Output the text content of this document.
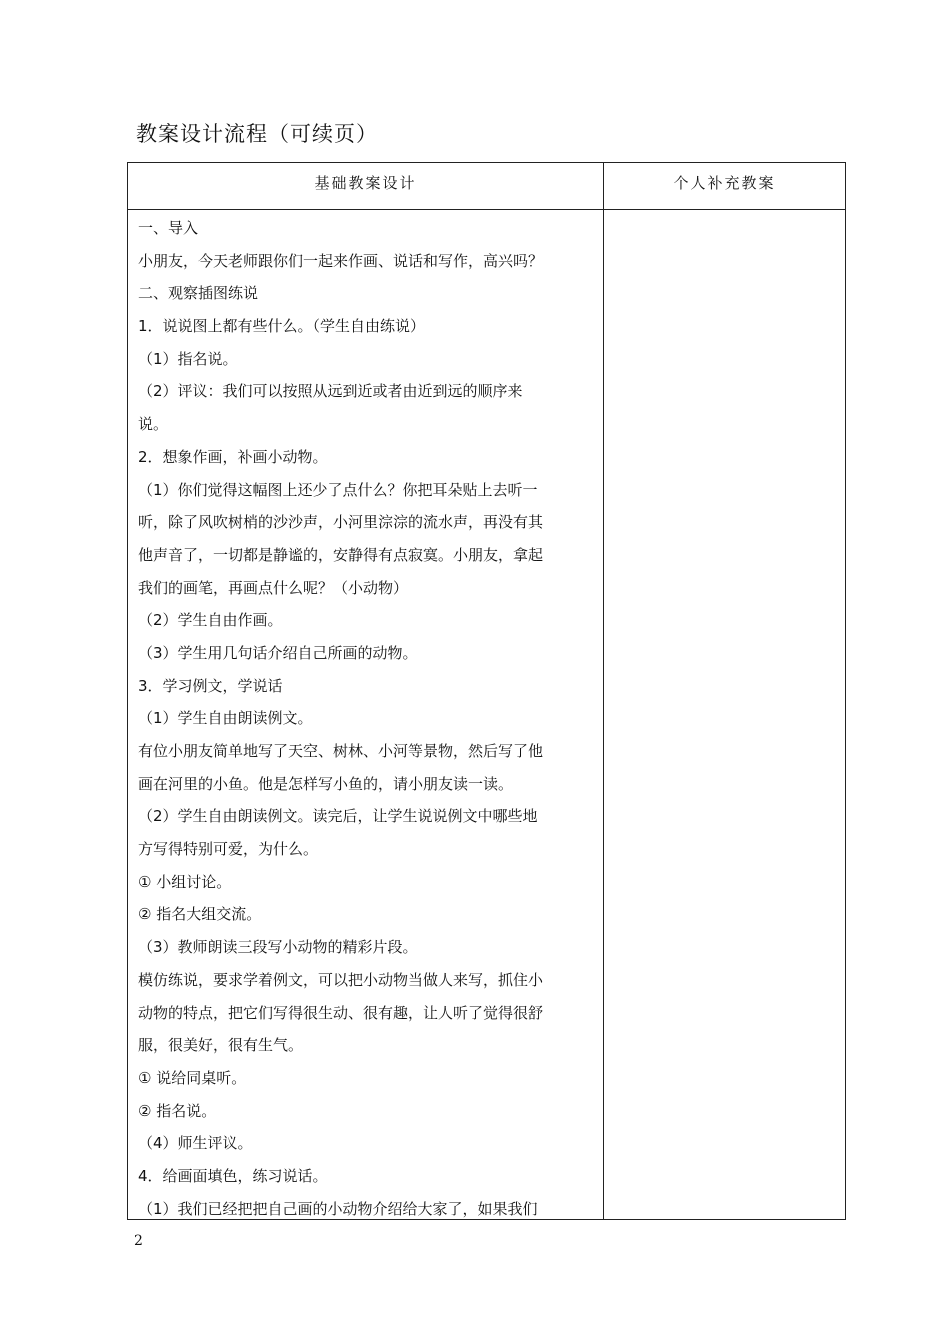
教案设计流程（可续页）
基础教案设计	个人补充教案

一、导入

小朋友，今天老师跟你们一起来作画、说话和写作，高兴吗？

二、观察插图练说

1．说说图上都有些什么。（学生自由练说）

（1）指名说。

（2）评议：我们可以按照从远到近或者由近到远的顺序来

说。

2．想象作画，补画小动物。

（1）你们觉得这幅图上还少了点什么？你把耳朵贴上去听一

听，除了风吹树梢的沙沙声，小河里淙淙的流水声，再没有其

他声音了，一切都是静谧的，安静得有点寂寞。小朋友，拿起

我们的画笔，再画点什么呢？（小动物）

（2）学生自由作画。

（3）学生用几句话介绍自己所画的动物。

3．学习例文，学说话

（1）学生自由朗读例文。

有位小朋友简单地写了天空、树林、小河等景物，然后写了他

画在河里的小鱼。他是怎样写小鱼的，请小朋友读一读。

（2）学生自由朗读例文。读完后，让学生说说例文中哪些地

方写得特别可爱，为什么。

① 小组讨论。

② 指名大组交流。

（3）教师朗读三段写小动物的精彩片段。

模仿练说，要求学着例文，可以把小动物当做人来写，抓住小

动物的特点，把它们写得很生动、很有趣，让人听了觉得很舒

服，很美好，很有生气。

① 说给同桌听。

② 指名说。

（4）师生评议。

4．给画面填色，练习说话。

（1）我们已经把把自己画的小动物介绍给大家了，如果我们

2
